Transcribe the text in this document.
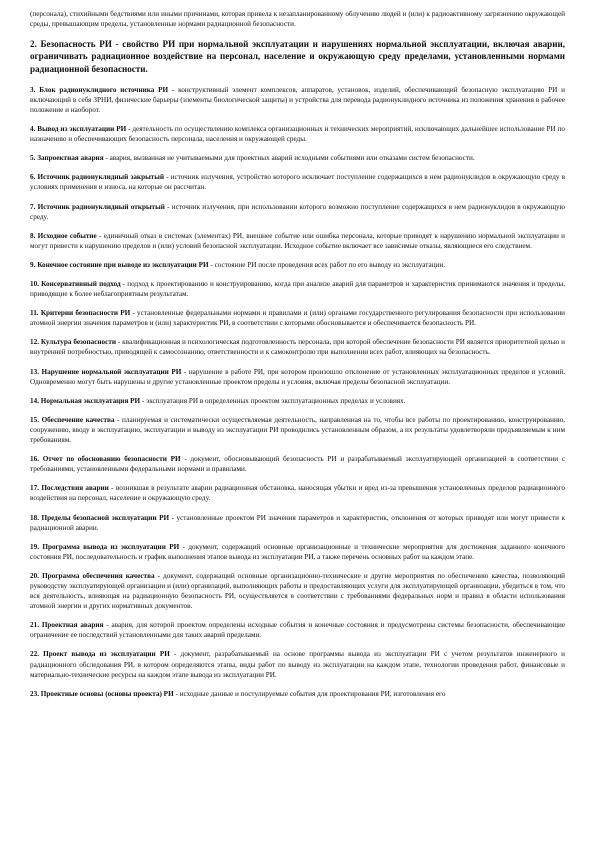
(персонала), стихийными бедствиями или иными причинами, которая привела к незапланированному облучению людей и (или) к радиоактивному загрязнению окружающей среды, превышающим пределы, установленные нормами радиационной безопасности.

2. Безопасность РИ - свойство РИ при нормальной эксплуатации и нарушениях нормальной эксплуатации, включая аварии, ограничивать радиационное воздействие на персонал, население и окружающую среду пределами, установленными нормами радиационной безопасности.

3. Блок радионуклидного источника РИ - конструктивный элемент комплексов, аппаратов, установок, изделий, обеспечивающий безопасную эксплуатацию РИ и включающий в себя ЗРНИ, физические барьеры (элементы биологической защиты) и устройства для перевода радионуклидного источника из положения хранения в рабочее положение и наоборот.

4. Вывод из эксплуатации РИ - деятельность по осуществлению комплекса организационных и технических мероприятий, исключающих дальнейшее использование РИ по назначению и обеспечивающих безопасность персонала, населения и окружающей среды.

5. Запроектная авария - авария, вызванная не учитываемыми для проектных аварий исходными событиями или отказами систем безопасности.

6. Источник радионуклидный закрытый - источник излучения, устройство которого исключает поступление содержащихся в нем радионуклидов в окружающую среду в условиях применения и износа, на которые он рассчитан.

7. Источник радионуклидный открытый - источник излучения, при использовании которого возможно поступление содержащихся в нем радионуклидов в окружающую среду.

8. Исходное событие - единичный отказ в системах (элементах) РИ, внешнее событие или ошибка персонала, которые приводят к нарушению нормальной эксплуатации и могут привести к нарушению пределов и (или) условий безопасной эксплуатации. Исходное событие включает все зависимые отказы, являющиеся его следствием.

9. Конечное состояние при выводе из эксплуатации РИ - состояние РИ после проведения всех работ по его выводу из эксплуатации.

10. Консервативный подход - подход к проектированию и конструированию, когда при анализе аварий для параметров и характеристик принимаются значения и пределы, приводящие к более неблагоприятным результатам.

11. Критерии безопасности РИ - установленные федеральными нормами и правилами и (или) органами государственного регулирования безопасности при использовании атомной энергии значения параметров и (или) характеристик РИ, в соответствии с которыми обосновывается и обеспечивается безопасность РИ.

12. Культура безопасности - квалификационная и психологическая подготовленность персонала, при которой обеспечение безопасности РИ является приоритетной целью и внутренней потребностью, приводящей к самосознанию, ответственности и к самоконтролю при выполнении всех работ, влияющих на безопасность.

13. Нарушение нормальной эксплуатации РИ - нарушение в работе РИ, при котором произошло отклонение от установленных эксплуатационных пределов и условий. Одновременно могут быть нарушены и другие установленные проектом пределы и условия, включая пределы безопасной эксплуатации.

14. Нормальная эксплуатация РИ - эксплуатация РИ в определенных проектом эксплуатационных пределах и условиях.

15. Обеспечение качества - планируемая и систематически осуществляемая деятельность, направленная на то, чтобы все работы по проектированию, конструированию, сооружению, вводу в эксплуатацию, эксплуатации и выводу из эксплуатации РИ проводились установленным образом, а их результаты удовлетворяли предъявляемым к ним требованиям.

16. Отчет по обоснованию безопасности РИ - документ, обосновывающий безопасность РИ и разрабатываемый эксплуатирующей организацией в соответствии с требованиями, установленными федеральными нормами и правилами.

17. Последствия аварии - возникшая в результате аварии радиационная обстановка, наносящая убытки и вред из-за превышения установленных пределов радиационного воздействия на персонал, население и окружающую среду.

18. Пределы безопасной эксплуатации РИ - установленные проектом РИ значения параметров и характеристик, отклонения от которых приводят или могут привести к радиационной аварии.

19. Программа вывода из эксплуатации РИ - документ, содержащий основные организационные и технические мероприятия для достижения заданного конечного состояния РИ, последовательность и график выполнения этапов вывода из эксплуатации РИ, а также перечень основных работ на каждом этапе.

20. Программа обеспечения качества - документ, содержащий основные организационно-технические и другие мероприятия по обеспечению качества, позволяющий руководству эксплуатирующей организации и (или) организаций, выполняющих работы и предоставляющих услуги для эксплуатирующей организации, убедиться в том, что вся деятельность, влияющая на радиационную безопасность РИ, осуществляется в соответствии с требованиями федеральных норм и правил в области использования атомной энергии и других нормативных документов.

21. Проектная авария - авария, для которой проектом определены исходные события и конечные состояния и предусмотрены системы безопасности, обеспечивающие ограничение ее последствий установленными для таких аварий пределами.

22. Проект вывода из эксплуатации РИ - документ, разрабатываемый на основе программы вывода из эксплуатации РИ с учетом результатов инженерного и радиационного обследования РИ, в котором определяются этапы, виды работ по выводу из эксплуатации на каждом этапе, технологии проведения работ, финансовые и материально-технические ресурсы на каждом этапе вывода из эксплуатации РИ.

23. Проектные основы (основы проекта) РИ - исходные данные и постулируемые события для проектирования РИ, изготовления его
